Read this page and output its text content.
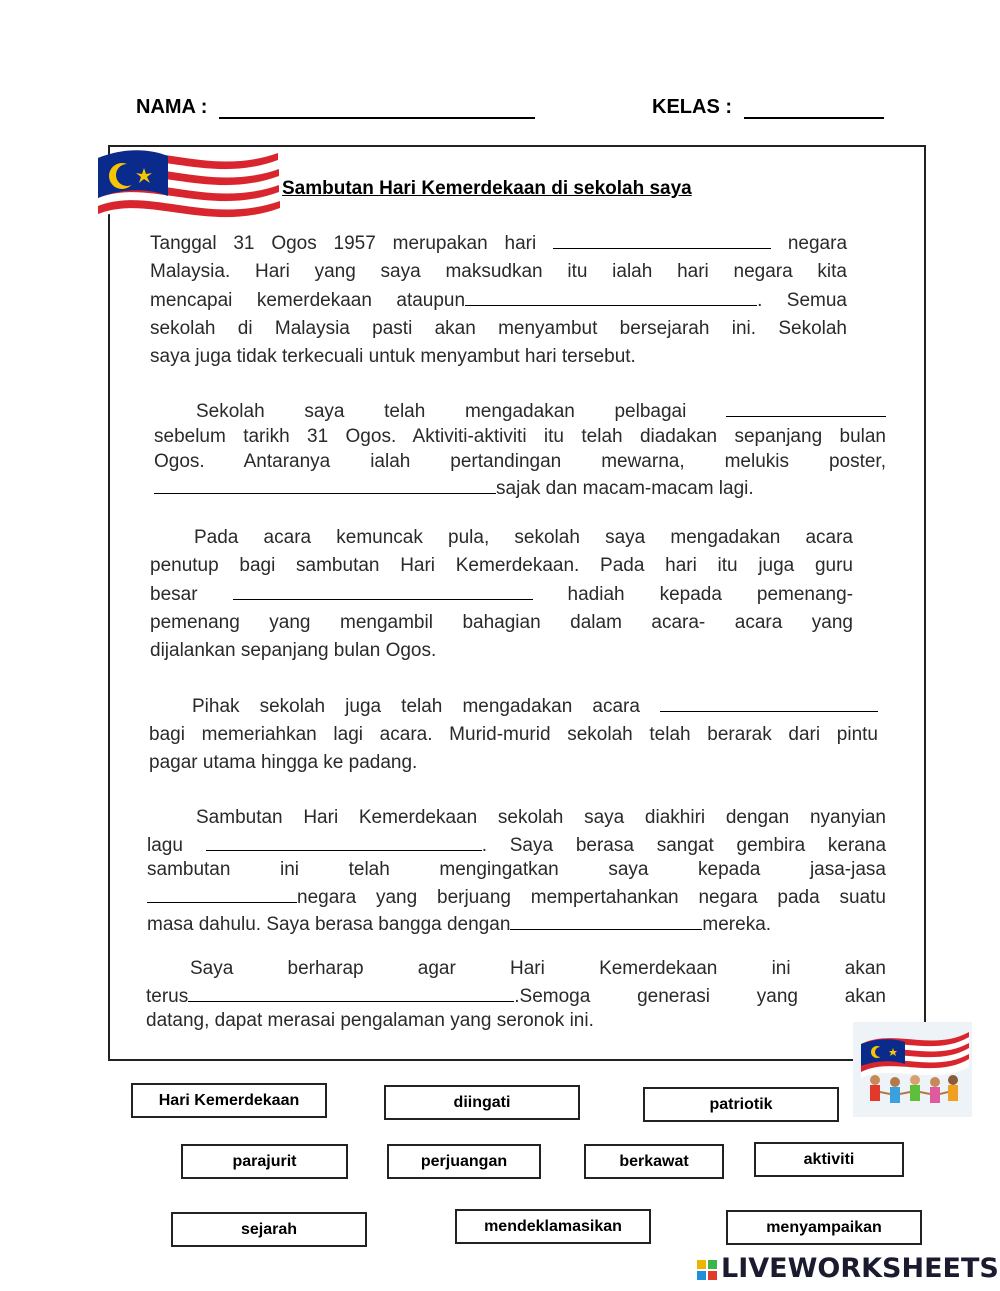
NAMA :	KELAS :
Sambutan Hari Kemerdekaan di sekolah saya
Tanggal 31 Ogos 1957 merupakan hari	negara
Malaysia. Hari yang saya maksudkan itu ialah hari negara kita
mencapai kemerdekaan ataupun	. Semua
sekolah di Malaysia pasti akan menyambut bersejarah ini. Sekolah
saya juga tidak terkecuali untuk menyambut hari tersebut.
Sekolah saya telah mengadakan pelbagai
sebelum tarikh 31 Ogos. Aktiviti-aktiviti itu telah diadakan sepanjang bulan
Ogos. Antaranya ialah pertandingan mewarna, melukis poster,
sajak dan macam-macam lagi.
Pada acara kemuncak pula, sekolah saya mengadakan acara
penutup bagi sambutan Hari Kemerdekaan. Pada hari itu juga guru
besar	hadiah kepada pemenang-
pemenang yang mengambil bahagian dalam acara- acara yang
dijalankan sepanjang bulan Ogos.
Pihak sekolah juga telah mengadakan acara
bagi memeriahkan lagi acara. Murid-murid sekolah telah berarak dari pintu
pagar utama hingga ke padang.
Sambutan Hari Kemerdekaan sekolah saya diakhiri dengan nyanyian
lagu	. Saya berasa sangat gembira kerana
sambutan ini telah mengingatkan saya kepada jasa-jasa
negara yang berjuang mempertahankan negara pada suatu
masa dahulu. Saya berasa bangga dengan	mereka.
Saya berharap agar Hari Kemerdekaan ini akan
terus	.Semoga generasi yang akan
datang, dapat merasai pengalaman yang seronok ini.
Hari Kemerdekaan	diingati	patriotik
parajurit	perjuangan	berkawat	aktiviti
sejarah	mendeklamasikan	menyampaikan
LIVEWORKSHEETS
